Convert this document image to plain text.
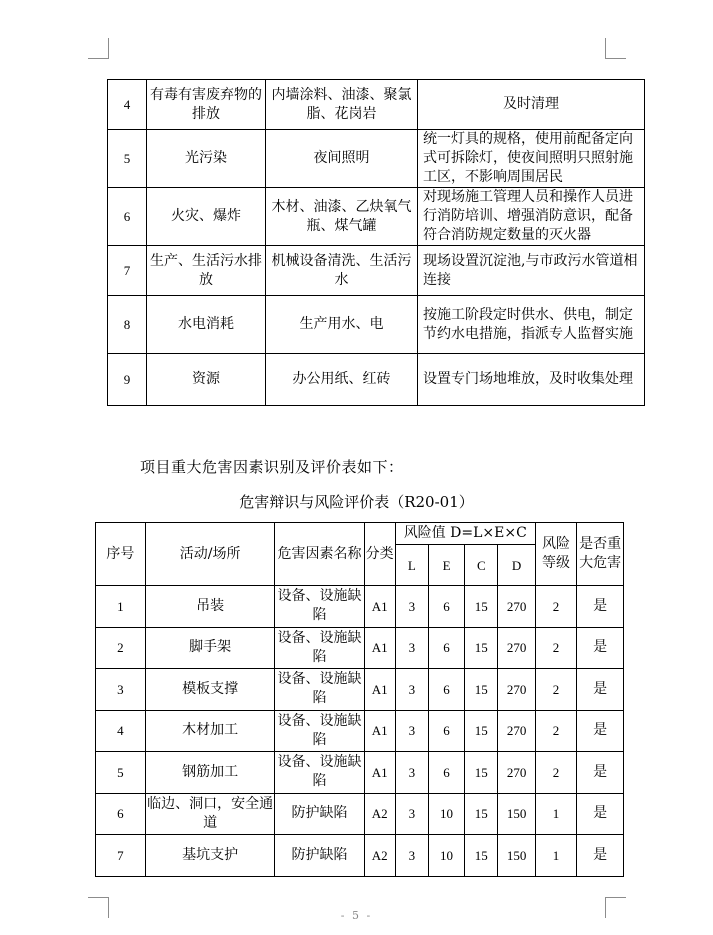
4	有毒有害废弃物的排放	内墙涂料、油漆、聚氯脂、花岗岩	及时清理
5	光污染	夜间照明	统一灯具的规格，使用前配备定向式可拆除灯，使夜间照明只照射施工区，不影响周围居民
6	火灾、爆炸	木材、油漆、乙炔氧气瓶、煤气罐	对现场施工管理人员和操作人员进行消防培训、增强消防意识，配备符合消防规定数量的灭火器
7	生产、生活污水排放	机械设备清洗、生活污水	现场设置沉淀池,与市政污水管道相连接
8	水电消耗	生产用水、电	按施工阶段定时供水、供电，制定节约水电措施，指派专人监督实施
9	资源	办公用纸、红砖	设置专门场地堆放，及时收集处理
项目重大危害因素识别及评价表如下：
危害辩识与风险评价表（R20-01）
序号	活动/场所	危害因素名称	分类	风险值 D=L×E×C				风险等级	是否重大危害
				L	E	C	D		
1	吊装	设备、设施缺陷	A1	3	6	15	270	2	是
2	脚手架	设备、设施缺陷	A1	3	6	15	270	2	是
3	模板支撑	设备、设施缺陷	A1	3	6	15	270	2	是
4	木材加工	设备、设施缺陷	A1	3	6	15	270	2	是
5	钢筋加工	设备、设施缺陷	A1	3	6	15	270	2	是
6	临边、洞口，安全通道	防护缺陷	A2	3	10	15	150	1	是
7	基坑支护	防护缺陷	A2	3	10	15	150	1	是
- 5 -
